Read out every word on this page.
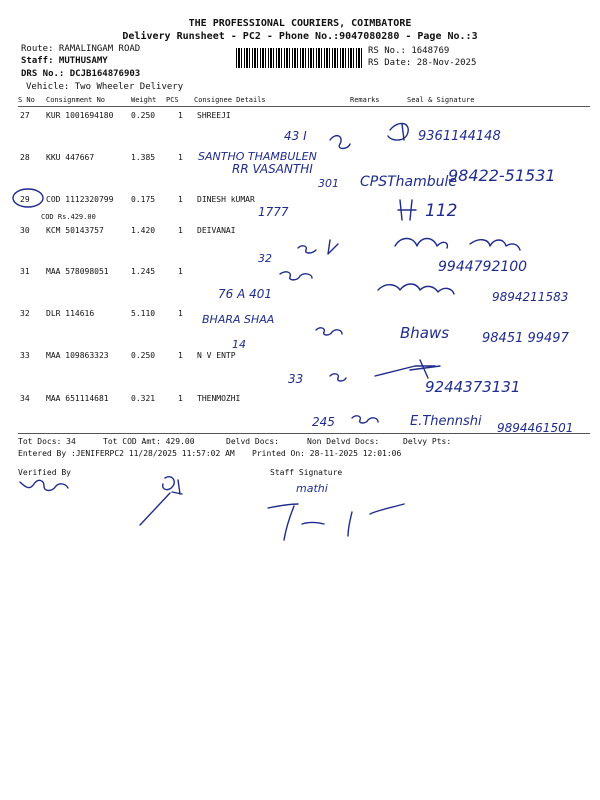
THE PROFESSIONAL COURIERS, COIMBATORE
Delivery Runsheet - PC2 - Phone No.:9047080280 - Page No.:3
Route: RAMALINGAM ROAD
Staff: MUTHUSAMY
DRS No.: DCJB164876903
Vehicle: Two Wheeler Delivery
RS No.: 1648769
RS Date: 28-Nov-2025
S No Consignment No	Weight PCS Consignee Details	Remarks	Seal & Signature
27 KUR 1001694180 0.250	1 SHREEJI
28 KKU 447667	1.385	1
29 COD 1112320799 0.175	1 DINESH kUMAR
COD Rs.429.00
30 KCM 50143757	1.420	1 DEIVANAI
31 MAA 578098051	1.245	1
32 DLR 114616	5.110	1
33 MAA 109863323	0.250	1 N V ENTP
34 MAA 651114681	0.321	1 THENMOZHI
Tot Docs: 34	Tot COD Amt: 429.00	Delvd Docs:	Non Delvd Docs:	Delvy Pts:
Entered By :JENIFERPC2 11/28/2025 11:57:02 AM Printed On: 28-11-2025 12:01:06
Verified By	Staff Signature
43 I	9361144148
SANTHO THAMBULEN
RR VASANTHI
301 CPSThambule
98422-51531
1777	112
32
9944792100
76 A 401	9894211583
BHARA SHAA
14
Bhaws	98451 99497
33	9244373131
245	E.Thennshi 9894461501
mathi
